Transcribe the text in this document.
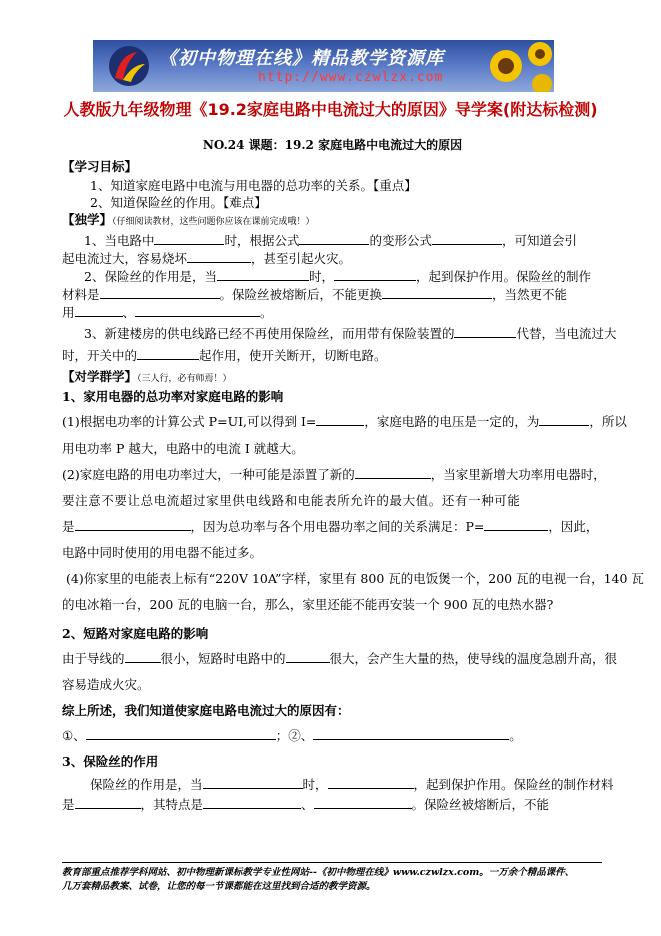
《初中物理在线》精品教学资源库
http://www.czwlzx.com
人教版九年级物理《19.2家庭电路中电流过大的原因》导学案(附达标检测)
NO.24 课题：19.2 家庭电路中电流过大的原因
【学习目标】
1、知道家庭电路中电流与用电器的总功率的关系。【重点】
2、知道保险丝的作用。【难点】
【独学】（仔细阅读教材，这些问题你应该在课前完成哦！）
1、当电路中	时，根据公式	的变形公式	，可知道会引
起电流过大，容易烧坏	，甚至引起火灾。
2、保险丝的作用是，当	时，	，起到保护作用。保险丝的制作
材料是	。保险丝被熔断后，不能更换	，当然更不能
用	、	。
3、新建楼房的供电线路已经不再使用保险丝，而用带有保险装置的	代替，当电流过大
时，开关中的	起作用，使开关断开，切断电路。
【对学群学】（三人行，必有师焉！）
1、家用电器的总功率对家庭电路的影响
(1)根据电功率的计算公式 P=UI,可以得到 I=	，家庭电路的电压是一定的，为	，所以
用电功率 P 越大，电路中的电流 I 就越大。
(2)家庭电路的用电功率过大，一种可能是添置了新的	，当家里新增大功率用电器时，
要注意不要让总电流超过家里供电线路和电能表所允许的最大值。还有一种可能
是	，因为总功率与各个用电器功率之间的关系满足：P=	，因此，
电路中同时使用的用电器不能过多。
(4)你家里的电能表上标有“220V 10A”字样，家里有 800 瓦的电饭煲一个，200 瓦的电视一台，140 瓦
的电冰箱一台，200 瓦的电脑一台，那么，家里还能不能再安装一个 900 瓦的电热水器?
2、短路对家庭电路的影响
由于导线的	很小，短路时电路中的	很大，会产生大量的热，使导线的温度急剧升高，很
容易造成火灾。
综上所述，我们知道使家庭电路电流过大的原因有：
①、	；②、	。
3、保险丝的作用
保险丝的作用是，当	时，	，起到保护作用。保险丝的制作材料
是	，其特点是	、	。保险丝被熔断后，不能
教育部重点推荐学科网站、初中物理新课标教学专业性网站--《初中物理在线》www.czwlzx.com。一万余个精品课件、
几万套精品教案、试卷，让您的每一节课都能在这里找到合适的教学资源。
